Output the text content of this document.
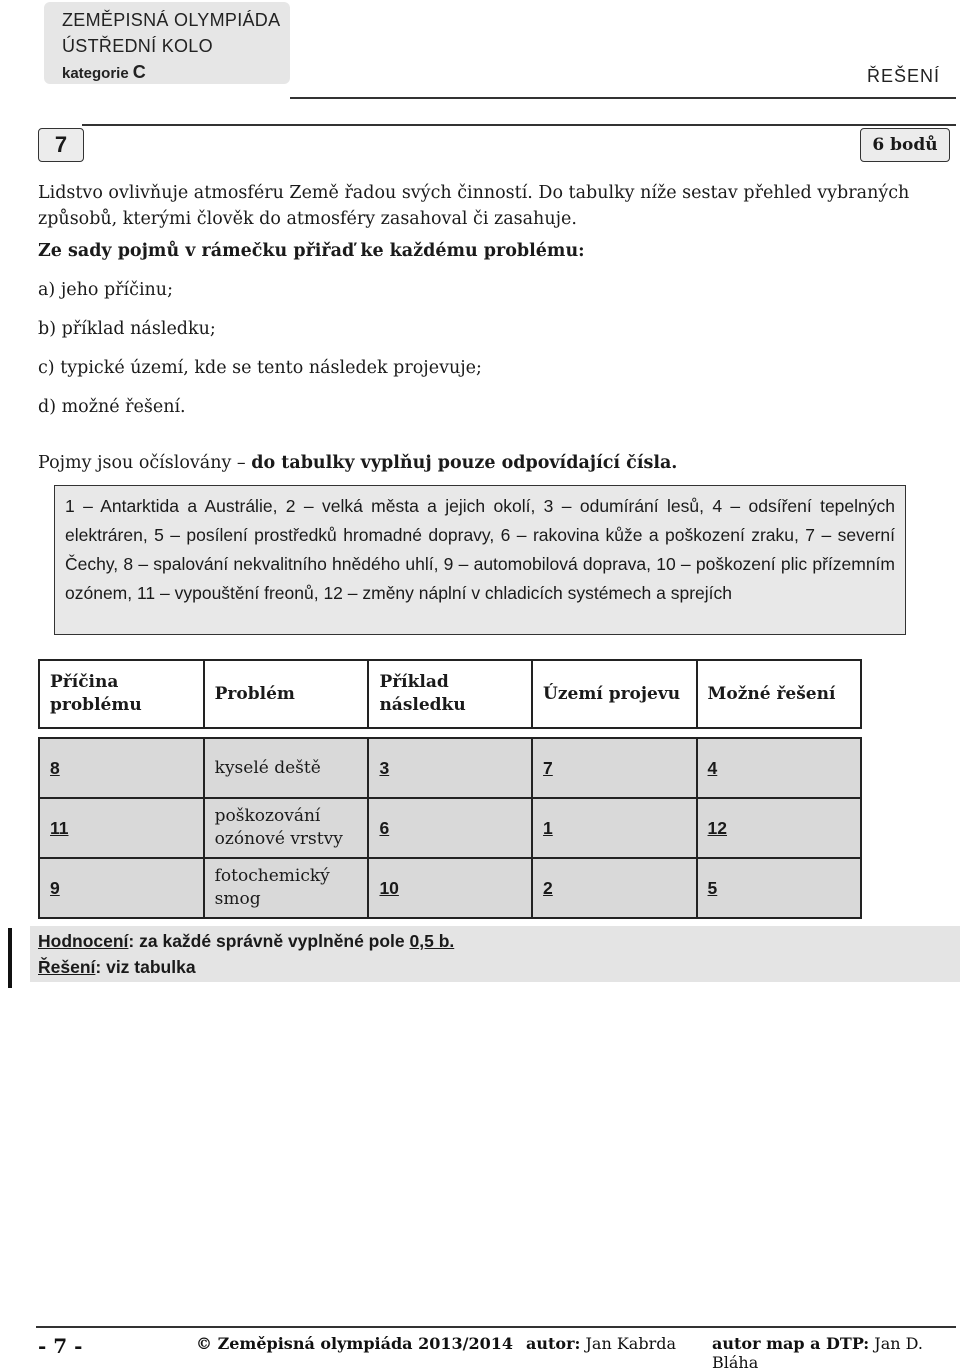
ZEMĚPISNÁ OLYMPIÁDA
ÚSTŘEDNÍ KOLO
kategorie C	ŘEŠENÍ
7	6 bodů
Lidstvo ovlivňuje atmosféru Země řadou svých činností. Do tabulky níže sestav přehled vybraných způsobů, kterými člověk do atmosféry zasahoval či zasahuje.
Ze sady pojmů v rámečku přiřaď ke každému problému:
a) jeho příčinu;
b) příklad následku;
c) typické území, kde se tento následek projevuje;
d) možné řešení.
Pojmy jsou očíslovány – do tabulky vyplňuj pouze odpovídající čísla.
1 – Antarktida a Austrálie, 2 – velká města a jejich okolí, 3 – odumírání lesů, 4 – odsíření tepelných elektráren, 5 – posílení prostředků hromadné dopravy, 6 – rakovina kůže a poškození zraku, 7 – severní Čechy, 8 – spalování nekvalitního hnědého uhlí, 9 – automobilová doprava, 10 – poškození plic přízemním ozónem, 11 – vypouštění freonů, 12 – změny náplní v chladicích systémech a sprejích
Příčina problému	Problém	Příklad následku	Území projevu	Možné řešení

8	kyselé deště	3	7	4
11	poškozování ozónové vrstvy	6	1	12
9	fotochemický smog	10	2	5
Hodnocení: za každé správně vyplněné pole 0,5 b.
Řešení: viz tabulka
- 7 -	© Zeměpisná olympiáda 2013/2014 autor: Jan Kabrda autor map a DTP: Jan D. Bláha
